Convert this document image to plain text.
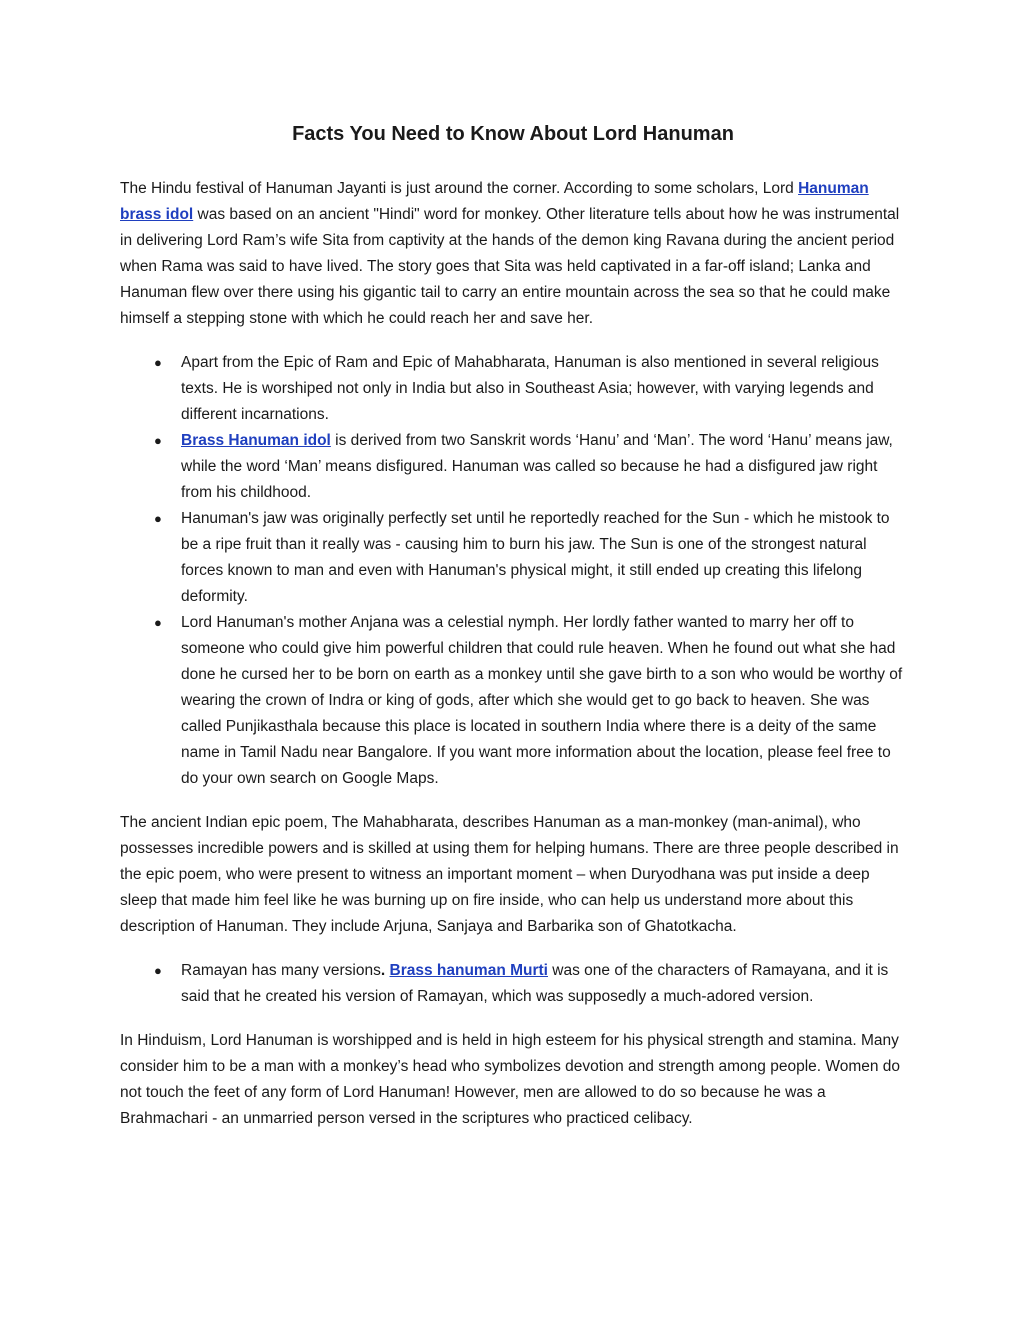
Facts You Need to Know About Lord Hanuman

The Hindu festival of Hanuman Jayanti is just around the corner. According to some scholars, Lord Hanuman brass idol was based on an ancient "Hindi" word for monkey. Other literature tells about how he was instrumental in delivering Lord Ram’s wife Sita from captivity at the hands of the demon king Ravana during the ancient period when Rama was said to have lived. The story goes that Sita was held captivated in a far-off island; Lanka and Hanuman flew over there using his gigantic tail to carry an entire mountain across the sea so that he could make himself a stepping stone with which he could reach her and save her.

● Apart from the Epic of Ram and Epic of Mahabharata, Hanuman is also mentioned in several religious texts. He is worshiped not only in India but also in Southeast Asia; however, with varying legends and different incarnations.
● Brass Hanuman idol is derived from two Sanskrit words ‘Hanu’ and ‘Man’. The word ‘Hanu’ means jaw, while the word ‘Man’ means disfigured. Hanuman was called so because he had a disfigured jaw right from his childhood.
● Hanuman's jaw was originally perfectly set until he reportedly reached for the Sun - which he mistook to be a ripe fruit than it really was - causing him to burn his jaw. The Sun is one of the strongest natural forces known to man and even with Hanuman's physical might, it still ended up creating this lifelong deformity.
● Lord Hanuman's mother Anjana was a celestial nymph. Her lordly father wanted to marry her off to someone who could give him powerful children that could rule heaven. When he found out what she had done he cursed her to be born on earth as a monkey until she gave birth to a son who would be worthy of wearing the crown of Indra or king of gods, after which she would get to go back to heaven. She was called Punjikasthala because this place is located in southern India where there is a deity of the same name in Tamil Nadu near Bangalore. If you want more information about the location, please feel free to do your own search on Google Maps.

The ancient Indian epic poem, The Mahabharata, describes Hanuman as a man-monkey (man-animal), who possesses incredible powers and is skilled at using them for helping humans. There are three people described in the epic poem, who were present to witness an important moment – when Duryodhana was put inside a deep sleep that made him feel like he was burning up on fire inside, who can help us understand more about this description of Hanuman. They include Arjuna, Sanjaya and Barbarika son of Ghatotkacha.

● Ramayan has many versions. Brass hanuman Murti was one of the characters of Ramayana, and it is said that he created his version of Ramayan, which was supposedly a much-adored version.

In Hinduism, Lord Hanuman is worshipped and is held in high esteem for his physical strength and stamina. Many consider him to be a man with a monkey’s head who symbolizes devotion and strength among people. Women do not touch the feet of any form of Lord Hanuman! However, men are allowed to do so because he was a Brahmachari - an unmarried person versed in the scriptures who practiced celibacy.
